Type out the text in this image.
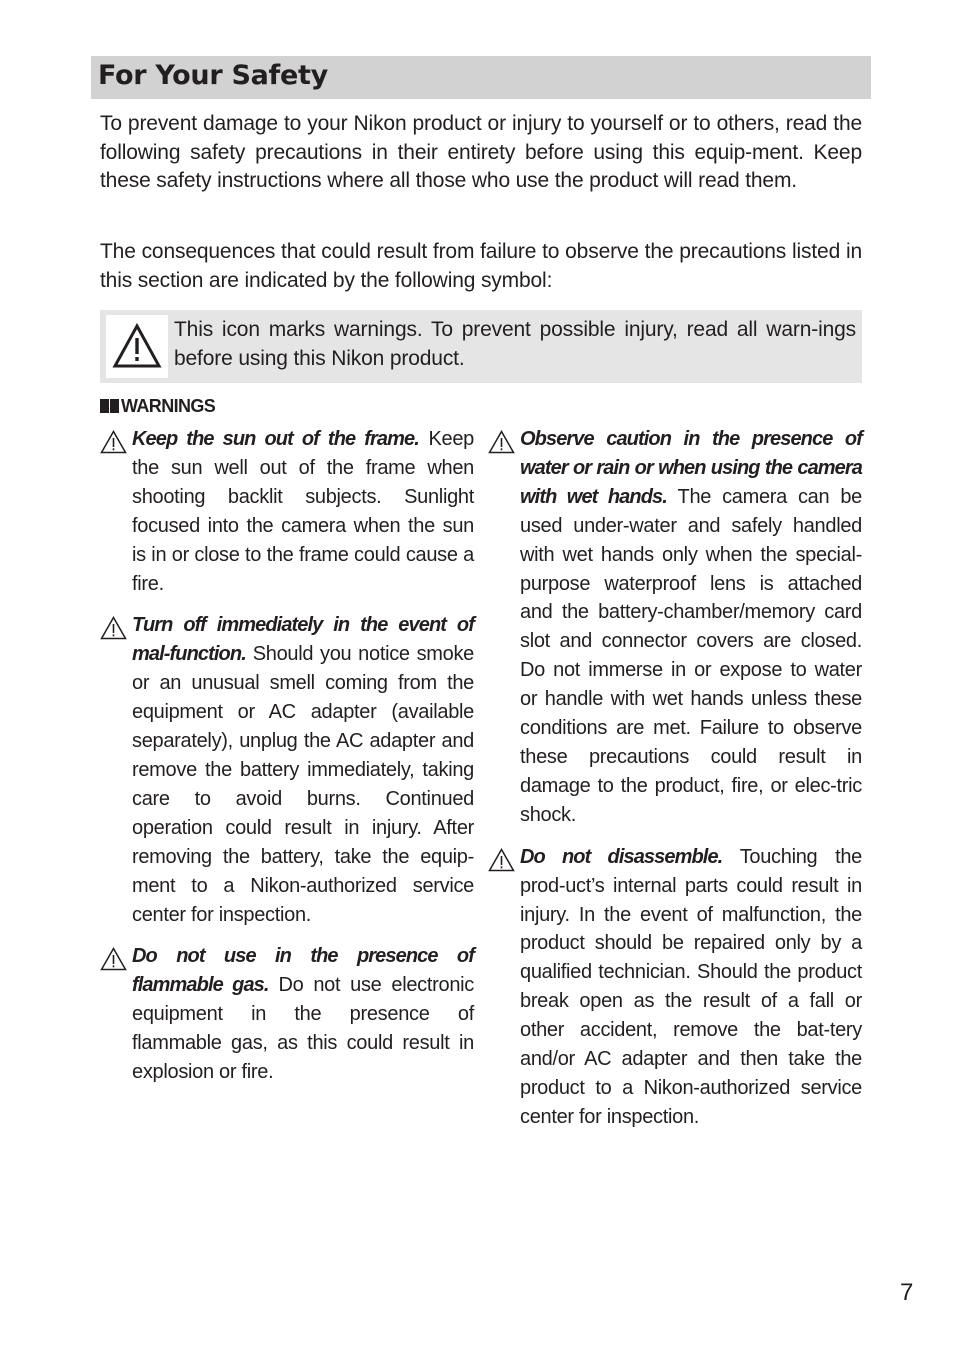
For Your Safety

To prevent damage to your Nikon product or injury to yourself or to others, read the following safety precautions in their entirety before using this equip-ment. Keep these safety instructions where all those who use the product will read them.

The consequences that could result from failure to observe the precautions listed in this section are indicated by the following symbol:

This icon marks warnings. To prevent possible injury, read all warn-ings before using this Nikon product.

WARNINGS

Keep the sun out of the frame. Keep the sun well out of the frame when shooting backlit subjects. Sunlight focused into the camera when the sun is in or close to the frame could cause a fire.

Turn off immediately in the event of mal-function. Should you notice smoke or an unusual smell coming from the equipment or AC adapter (available separately), unplug the AC adapter and remove the battery immediately, taking care to avoid burns. Continued operation could result in injury. After removing the battery, take the equip-ment to a Nikon-authorized service center for inspection.

Do not use in the presence of flammable gas. Do not use electronic equipment in the presence of flammable gas, as this could result in explosion or fire.

Observe caution in the presence of water or rain or when using the camera with wet hands. The camera can be used under-water and safely handled with wet hands only when the special-purpose waterproof lens is attached and the battery-chamber/memory card slot and connector covers are closed. Do not immerse in or expose to water or handle with wet hands unless these conditions are met. Failure to observe these precautions could result in damage to the product, fire, or elec-tric shock.

Do not disassemble. Touching the prod-uct’s internal parts could result in injury. In the event of malfunction, the product should be repaired only by a qualified technician. Should the product break open as the result of a fall or other accident, remove the bat-tery and/or AC adapter and then take the product to a Nikon-authorized service center for inspection.

7
